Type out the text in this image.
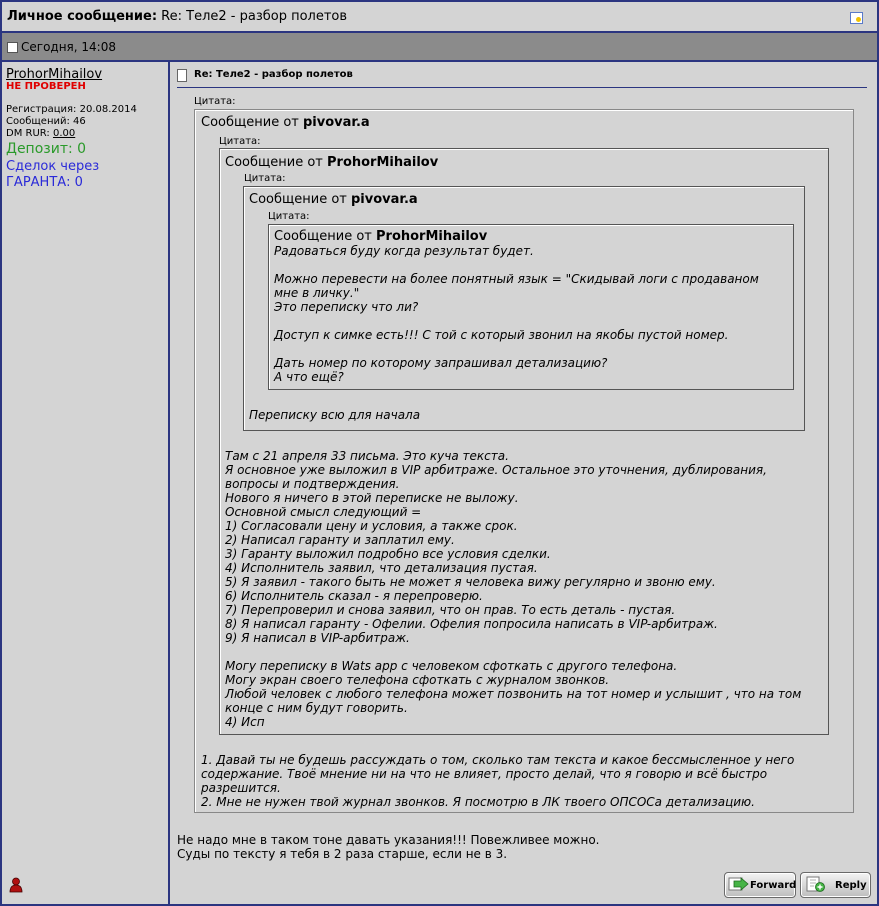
Личное сообщение: Re: Теле2 - разбор полетов
Сегодня, 14:08
ProhorMihailov
НЕ ПРОВЕРЕН
Регистрация: 20.08.2014
Сообщений: 46
DM RUR: 0.00
Депозит: 0
Сделок через
ГАРАНТА: 0
Re: Теле2 - разбор полетов
Цитата:
Сообщение от pivovar.a
Цитата:
Сообщение от ProhorMihailov
Цитата:
Сообщение от pivovar.a
Цитата:
Сообщение от ProhorMihailov
Радоваться буду когда результат будет.

Можно перевести на более понятный язык = "Скидывай логи с продаваном
мне в личку."
Это переписку что ли?

Доступ к симке есть!!! С той с который звонил на якобы пустой номер.

Дать номер по которому запрашивал детализацию?
А что ещё?
Переписку всю для начала
Там с 21 апреля 33 письма. Это куча текста.
Я основное уже выложил в VIP арбитраже. Остальное это уточнения, дублирования,
вопросы и подтверждения.
Нового я ничего в этой переписке не выложу.
Основной смысл следующий =
1) Согласовали цену и условия, а также срок.
2) Написал гаранту и заплатил ему.
3) Гаранту выложил подробно все условия сделки.
4) Исполнитель заявил, что детализация пустая.
5) Я заявил - такого быть не может я человека вижу регулярно и звоню ему.
6) Исполнитель сказал - я перепроверю.
7) Перепроверил и снова заявил, что он прав. То есть деталь - пустая.
8) Я написал гаранту - Офелии. Офелия попросила написать в VIP-арбитраж.
9) Я написал в VIP-арбитраж.

Могу переписку в Wats app с человеком сфоткать с другого телефона.
Могу экран своего телефона сфоткать с журналом звонков.
Любой человек с любого телефона может позвонить на тот номер и услышит , что на том
конце с ним будут говорить.
4) Исп
1. Давай ты не будешь рассуждать о том, сколько там текста и какое бессмысленное у него
содержание. Твоё мнение ни на что не влияет, просто делай, что я говорю и всё быстро
разрешится.
2. Мне не нужен твой журнал звонков. Я посмотрю в ЛК твоего ОПСОСа детализацию.
Не надо мне в таком тоне давать указания!!! Повежливее можно.
Суды по тексту я тебя в 2 раза старше, если не в 3.
Forward	Reply
